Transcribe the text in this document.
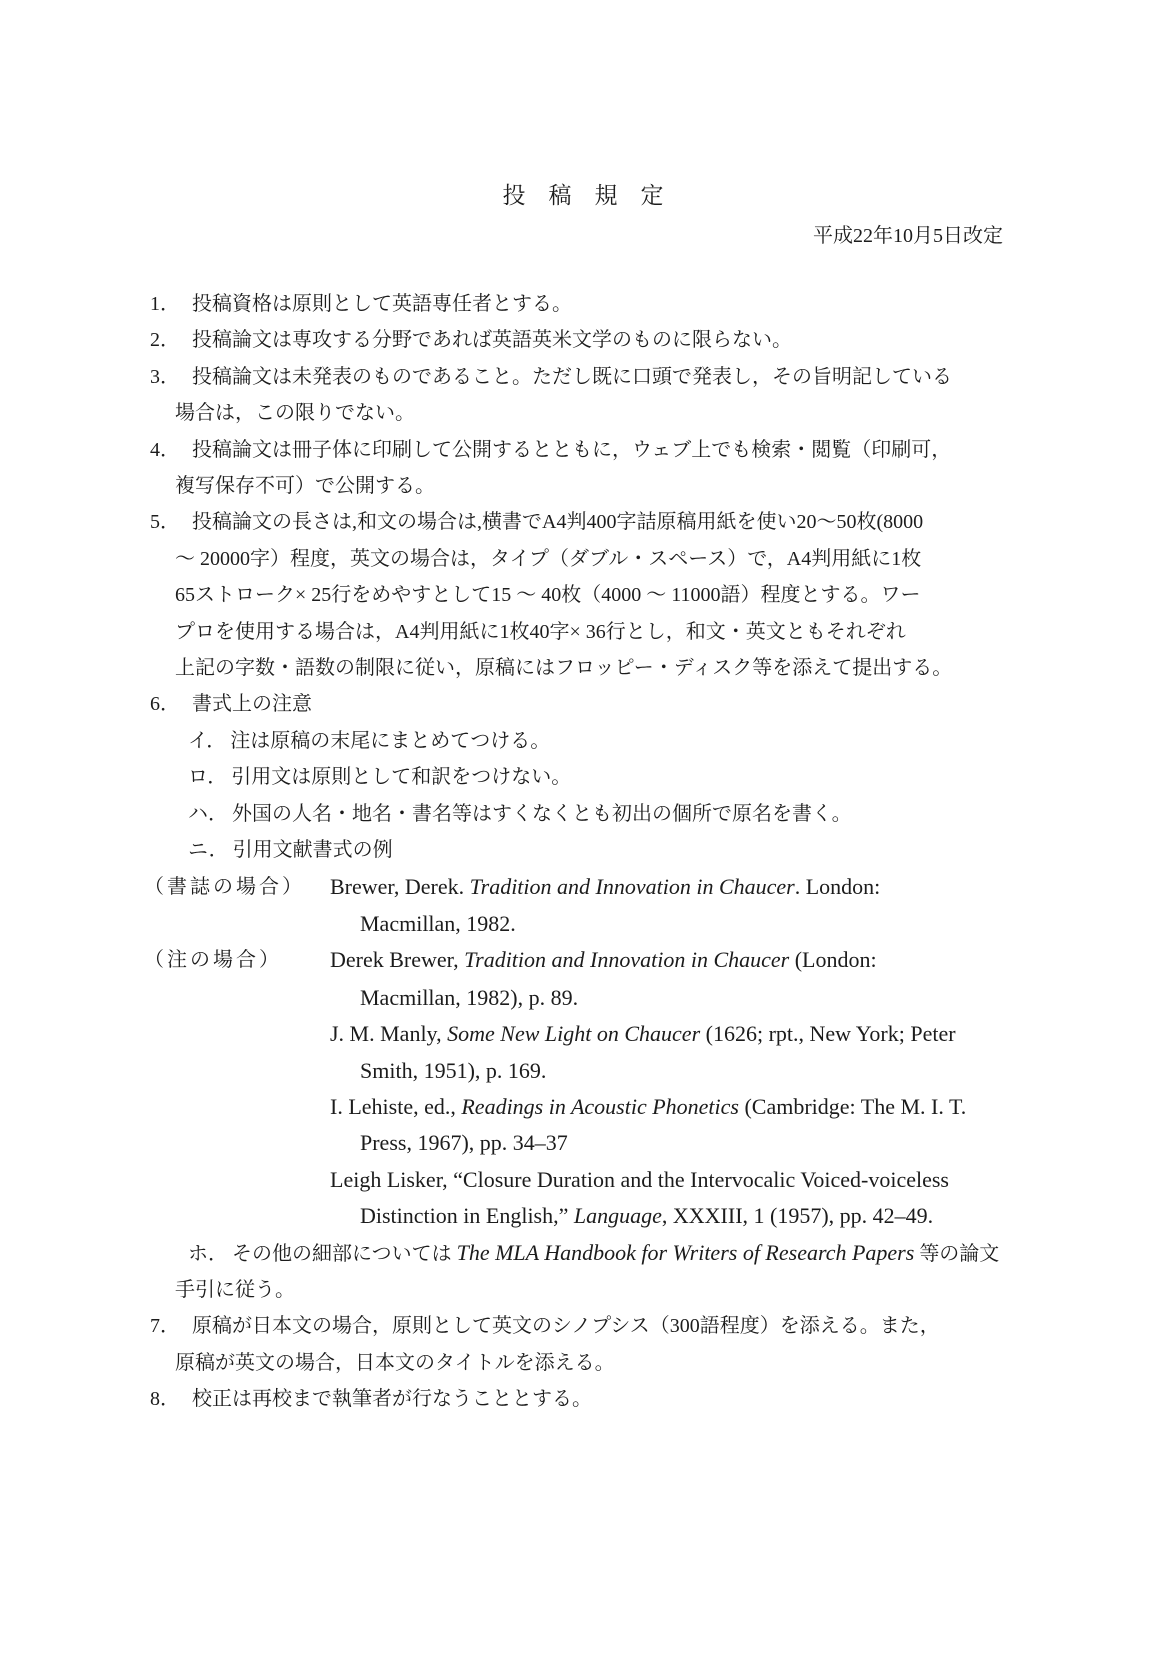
投　稿　規　定
平成22年10月5日改定
1． 投稿資格は原則として英語専任者とする。
2． 投稿論文は専攻する分野であれば英語英米文学のものに限らない。
3． 投稿論文は未発表のものであること。ただし既に口頭で発表し，その旨明記している
場合は，この限りでない。
4． 投稿論文は冊子体に印刷して公開するとともに，ウェブ上でも検索・閲覧（印刷可，
複写保存不可）で公開する。
5． 投稿論文の長さは,和文の場合は,横書でA4判400字詰原稿用紙を使い20～50枚(8000
～ 20000字）程度，英文の場合は，タイプ（ダブル・スペース）で，A4判用紙に1枚
65ストローク× 25行をめやすとして15 ～ 40枚（4000 ～ 11000語）程度とする。ワー
プロを使用する場合は，A4判用紙に1枚40字× 36行とし，和文・英文ともそれぞれ
上記の字数・語数の制限に従い，原稿にはフロッピー・ディスク等を添えて提出する。
6． 書式上の注意
イ． 注は原稿の末尾にまとめてつける。
ロ． 引用文は原則として和訳をつけない。
ハ． 外国の人名・地名・書名等はすくなくとも初出の個所で原名を書く。
ニ． 引用文献書式の例
（書誌の場合） Brewer, Derek. Tradition and Innovation in Chaucer. London:
Macmillan, 1982.
（注の場合） Derek Brewer, Tradition and Innovation in Chaucer (London:
Macmillan, 1982), p. 89.
J. M. Manly, Some New Light on Chaucer (1626; rpt., New York; Peter
Smith, 1951), p. 169.
I. Lehiste, ed., Readings in Acoustic Phonetics (Cambridge: The M. I. T.
Press, 1967), pp. 34–37
Leigh Lisker, “Closure Duration and the Intervocalic Voiced-voiceless
Distinction in English,” Language, XXXIII, 1 (1957), pp. 42–49.
ホ． その他の細部については The MLA Handbook for Writers of Research Papers 等の論文
手引に従う。
7． 原稿が日本文の場合，原則として英文のシノプシス（300語程度）を添える。また，
原稿が英文の場合，日本文のタイトルを添える。
8． 校正は再校まで執筆者が行なうこととする。
